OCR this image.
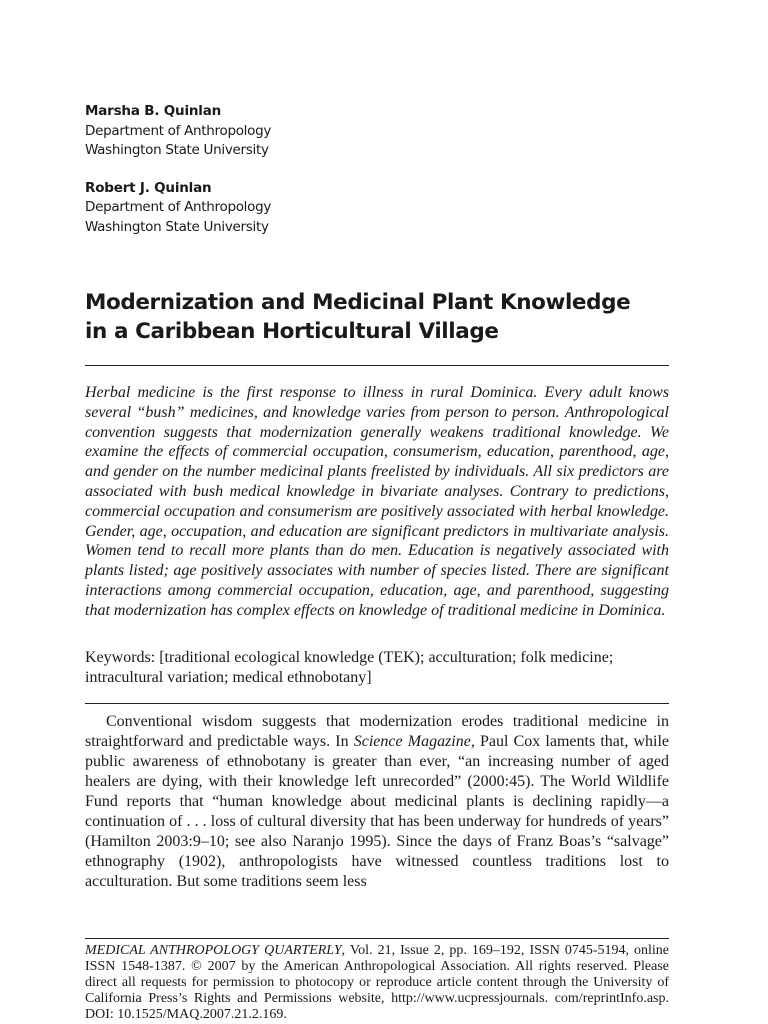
Marsha B. Quinlan
Department of Anthropology
Washington State University
Robert J. Quinlan
Department of Anthropology
Washington State University
Modernization and Medicinal Plant Knowledge
in a Caribbean Horticultural Village

Herbal medicine is the first response to illness in rural Dominica. Every adult knows several “bush” medicines, and knowledge varies from person to person. Anthropological convention suggests that modernization generally weakens traditional knowledge. We examine the effects of commercial occupation, consumerism, education, parenthood, age, and gender on the number medicinal plants freelisted by individuals. All six predictors are associated with bush medical knowledge in bivariate analyses. Contrary to predictions, commercial occupation and consumerism are positively associated with herbal knowledge. Gender, age, occupation, and education are significant predictors in multivariate analysis. Women tend to recall more plants than do men. Education is negatively associated with plants listed; age positively associates with number of species listed. There are significant interactions among commercial occupation, education, age, and parenthood, suggesting that modernization has complex effects on knowledge of traditional medicine in Dominica.

Keywords: [traditional ecological knowledge (TEK); acculturation; folk medicine; intracultural variation; medical ethnobotany]

Conventional wisdom suggests that modernization erodes traditional medicine in straightforward and predictable ways. In Science Magazine, Paul Cox laments that, while public awareness of ethnobotany is greater than ever, “an increasing number of aged healers are dying, with their knowledge left unrecorded” (2000:45). The World Wildlife Fund reports that “human knowledge about medicinal plants is declining rapidly—a continuation of . . . loss of cultural diversity that has been underway for hundreds of years” (Hamilton 2003:9–10; see also Naranjo 1995). Since the days of Franz Boas’s “salvage” ethnography (1902), anthropologists have witnessed countless traditions lost to acculturation. But some traditions seem less

MEDICAL ANTHROPOLOGY QUARTERLY, Vol. 21, Issue 2, pp. 169–192, ISSN 0745-5194, online ISSN 1548-1387. © 2007 by the American Anthropological Association. All rights reserved. Please direct all requests for permission to photocopy or reproduce article content through the University of California Press’s Rights and Permissions website, http://www.ucpressjournals. com/reprintInfo.asp. DOI: 10.1525/MAQ.2007.21.2.169.
